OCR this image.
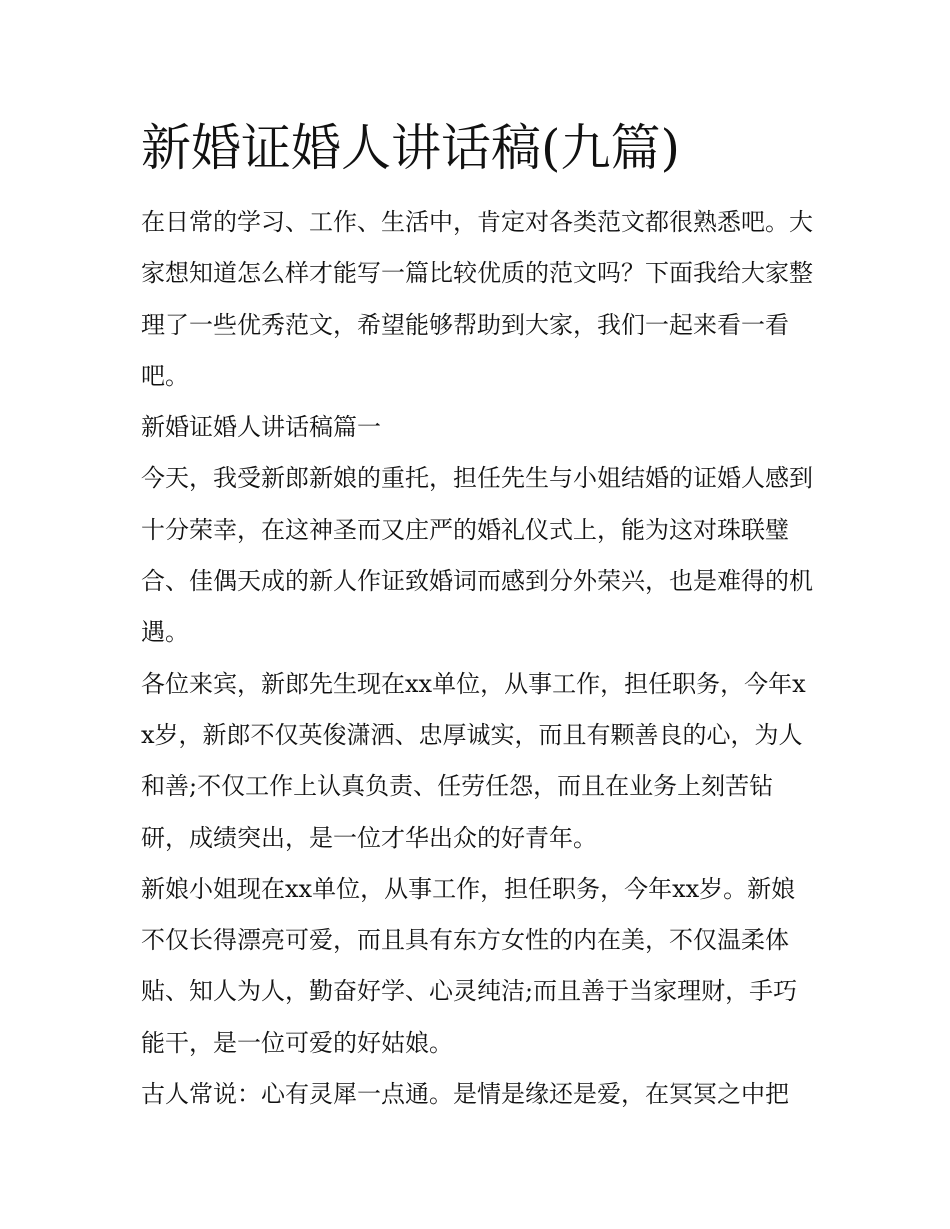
新婚证婚人讲话稿(九篇)

在日常的学习、工作、生活中，肯定对各类范文都很熟悉吧。大家想知道怎么样才能写一篇比较优质的范文吗？下面我给大家整理了一些优秀范文，希望能够帮助到大家，我们一起来看一看吧。

新婚证婚人讲话稿篇一

今天，我受新郎新娘的重托，担任先生与小姐结婚的证婚人感到十分荣幸，在这神圣而又庄严的婚礼仪式上，能为这对珠联璧合、佳偶天成的新人作证致婚词而感到分外荣兴，也是难得的机遇。

各位来宾，新郎先生现在xx单位，从事工作，担任职务，今年xx岁，新郎不仅英俊潇洒、忠厚诚实，而且有颗善良的心，为人和善;不仅工作上认真负责、任劳任怨，而且在业务上刻苦钻研，成绩突出，是一位才华出众的好青年。

新娘小姐现在xx单位，从事工作，担任职务，今年xx岁。新娘不仅长得漂亮可爱，而且具有东方女性的内在美，不仅温柔体贴、知人为人，勤奋好学、心灵纯洁;而且善于当家理财，手巧能干，是一位可爱的好姑娘。

古人常说：心有灵犀一点通。是情是缘还是爱，在冥冥之中把
